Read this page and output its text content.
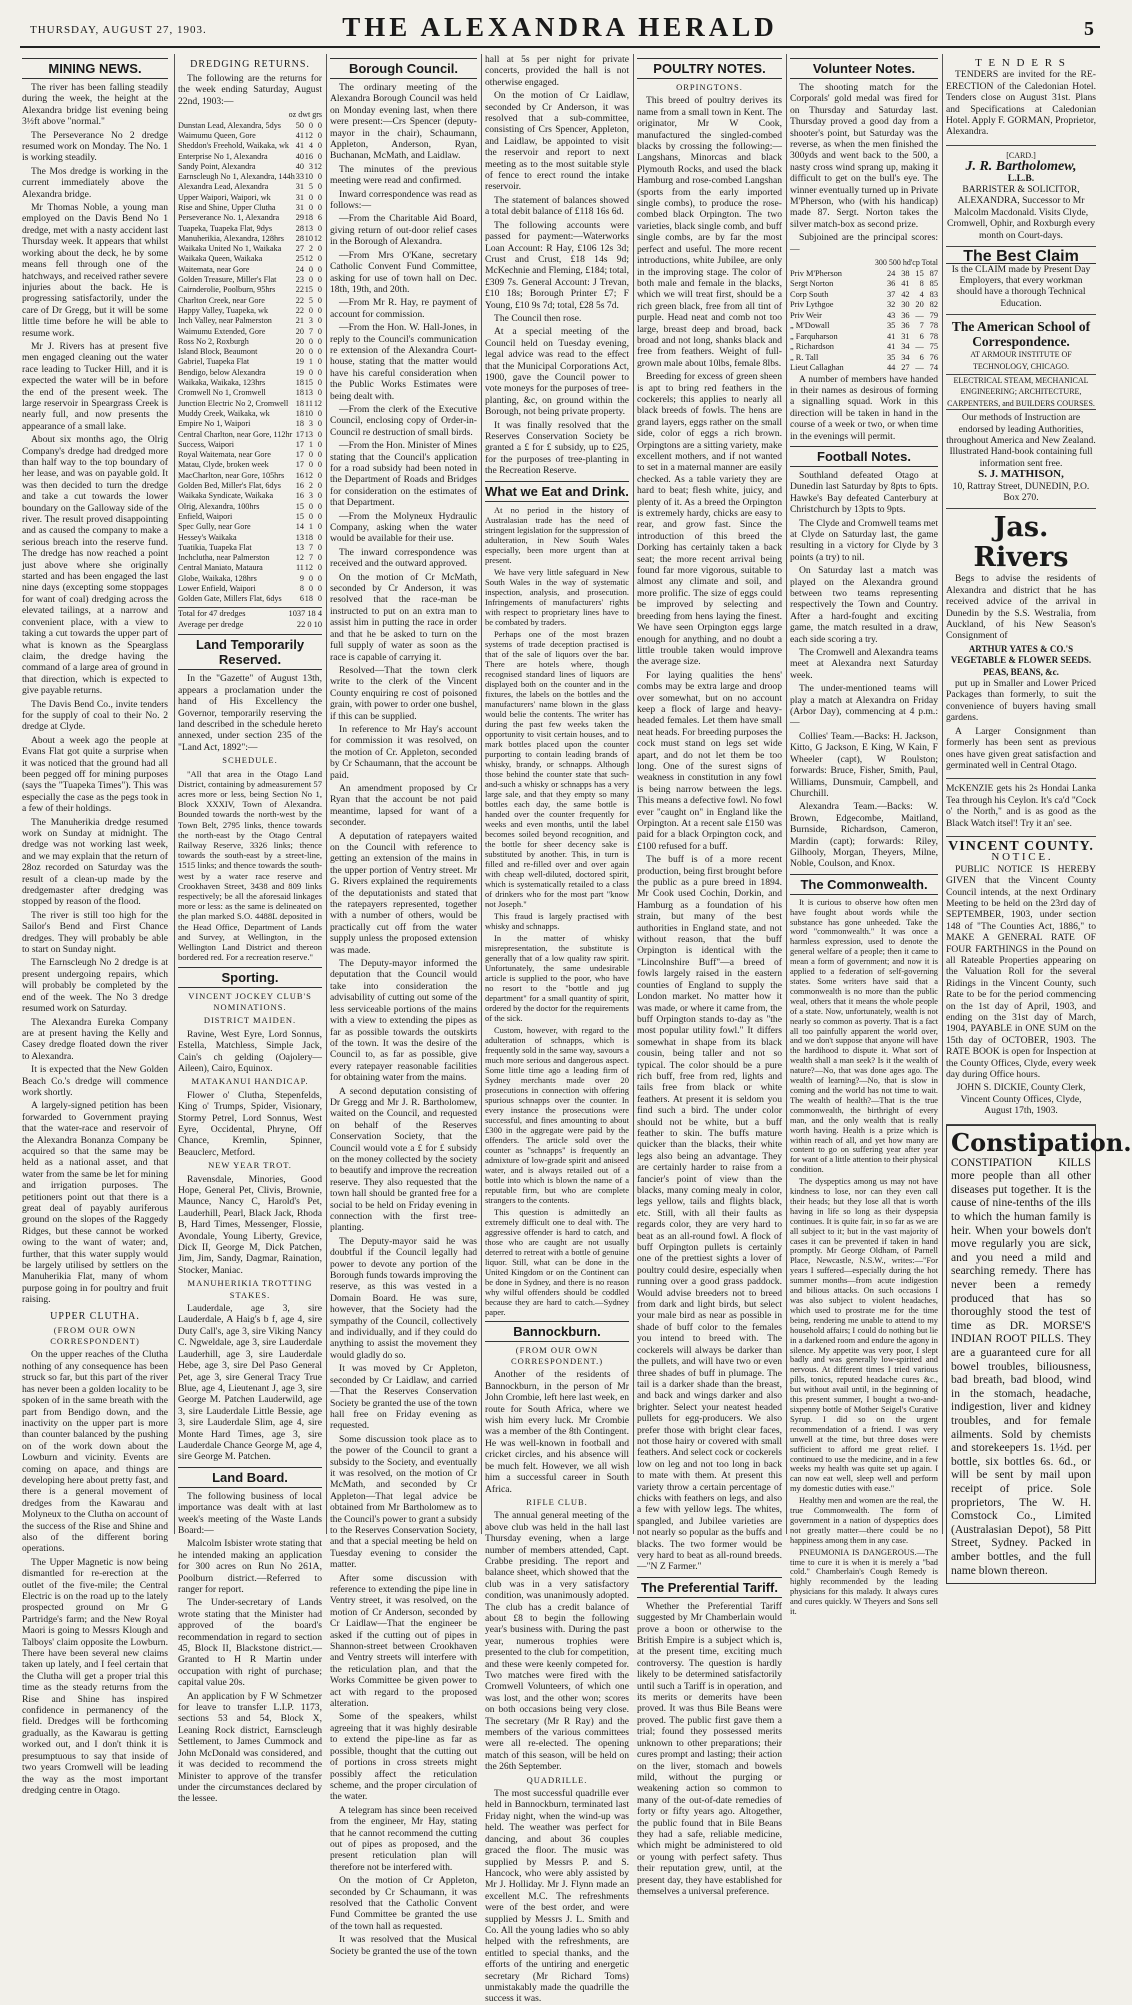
THURSDAY, AUGUST 27, 1903.	THE ALEXANDRA HERALD	5
MINING NEWS.

The river has been falling steadily during the week, the height at the Alexandra bridge list evening being 3½ft above "normal."

The Perseverance No 2 dredge resumed work on Monday. The No. 1 is working steadily.

The Mos dredge is working in the current immediately above the Alexandra bridge.

Mr Thomas Noble, a young man employed on the Davis Bend No 1 dredge, met with a nasty accident last Thursday week. It appears that whilst working about the deck, he by some means fell through one of the hatchways, and received rather severe injuries about the back. He is progressing satisfactorily, under the care of Dr Gregg, but it will be some little time before he will be able to resume work.

Mr J. Rivers has at present five men engaged cleaning out the water race leading to Tucker Hill, and it is expected the water will be in before the end of the present week. The large reservoir in Speargrass Creek is nearly full, and now presents the appearance of a small lake.

About six months ago, the Olrig Company's dredge had dredged more than half way to the top boundary of her lease, and was on payable gold. It was then decided to turn the dredge and take a cut towards the lower boundary on the Galloway side of the river. The result proved disappointing and as caused the company to make a serious breach into the reserve fund. The dredge has now reached a point just above where she originally started and has been engaged the last nine days (excepting some stoppages for want of coal) dredging across the elevated tailings, at a narrow and convenient place, with a view to taking a cut towards the upper part of what is known as the Spearglass claim, the dredge having the command of a large area of ground in that direction, which is expected to give payable returns.

The Davis Bend Co., invite tenders for the supply of coal to their No. 2 dredge at Clyde.

About a week ago the people at Evans Flat got quite a surprise when it was noticed that the ground had all been pegged off for mining purposes (says the "Tuapeka Times"). This was especially the case as the pegs took in a few of their holdings.

The Manuherikia dredge resumed work on Sunday at midnight. The dredge was not working last week, and we may explain that the return of 28oz recorded on Saturday was the result of a clean-up made by the dredgemaster after dredging was stopped by reason of the flood.

The river is still too high for the Sailor's Bend and First Chance dredges. They will probably be able to start on Sunday night.

The Earnscleugh No 2 dredge is at present undergoing repairs, which will probably be completed by the end of the week. The No 3 dredge resumed work on Saturday.

The Alexandra Eureka Company are at present having the Kelly and Casey dredge floated down the river to Alexandra.

It is expected that the New Golden Beach Co.'s dredge will commence work shortly.

A largely-signed petition has been forwarded to Government praying that the water-race and reservoir of the Alexandra Bonanza Company be acquired so that the same may be held as a national asset, and that water from the same be let for mining and irrigation purposes. The petitioners point out that there is a great deal of payably auriferous ground on the slopes of the Raggedy Ridges, but these cannot be worked owing to the want of water; and, further, that this water supply would be largely utilised by settlers on the Manuherikia Flat, many of whom purpose going in for poultry and fruit raising.

UPPER CLUTHA.
(FROM OUR OWN CORRESPONDENT)

On the upper reaches of the Clutha nothing of any consequence has been struck so far, but this part of the river has never been a golden locality to be spoken of in the same breath with the part from Bendigo down, and the inactivity on the upper part is more than counter balanced by the pushing on of the work down about the Lowburn and vicinity. Events are coming on apace, and things are developing here about pretty fast, and there is a general movement of dredges from the Kawarau and Molyneux to the Clutha on account of the success of the Rise and Shine and also of the different boring operations.

The Upper Magnetic is now being dismantled for re-erection at the outlet of the five-mile; the Central Electric is on the road up to the lately prospected ground on Mr G Partridge's farm; and the New Royal Maori is going to Messrs Klough and Talboys' claim opposite the Lowburn. There have been several new claims taken up lately, and I feel certain that the Clutha will get a proper trial this time as the steady returns from the Rise and Shine has inspired confidence in permanency of the field. Dredges will be forthcoming gradually, as the Kawarau is getting worked out, and I don't think it is presumptuous to say that inside of two years Cromwell will be leading the way as the most important dredging centre in Otago.

DREDGING RETURNS.

The following are the returns for the week ending Saturday, August 22nd, 1903:—

oz dwt grs
Dunstan Lead, Alexandra, 5dys	50	0	0
Waimumu Queen, Gore	41	12	0
Sheddon's Freehold, Waikaka, wk	41	4	0
Enterprise No 1, Alexandra	40	16	0
Sandy Point, Alexandra	40	3	12
Earnscleugh No 1, Alexandra, 144h	33	10	0
Alexandra Lead, Alexandra	31	5	0
Upper Waipori, Waipori, wk	31	0	0
Rise and Shine, Upper Clutha	31	0	0
Perseverance No. 1, Alexandra	29	18	6
Tuapeka, Tuapeka Flat, 9dys	28	13	0
Manuherikia, Alexandra, 128hrs	28	10	12
Waikaka United No 1, Waikaka	27	2	0
Waikaka Queen, Waikaka	25	12	0
Waitemata, near Gore	24	0	0
Golden Treasure, Miller's Flat	23	0	0
Cairnderolie, Poolburn, 95hrs	22	15	0
Charlton Creek, near Gore	22	5	0
Happy Valley, Tuapeka, wk	22	0	0
Inch Valley, near Palmerston	21	3	0
Waimumu Extended, Gore	20	7	0
Ross No 2, Roxburgh	20	0	0
Island Block, Beaumont	20	0	0
Gabriel, Tuapeka Flat	19	1	0
Bendigo, below Alexandra	19	0	0
Waikaka, Waikaka, 123hrs	18	15	0
Cromwell No 1, Cromwell	18	13	0
Junction Electric No 2, Cromwell	18	11	12
Muddy Creek, Waikaka, wk	18	10	0
Empire No 1, Waipori	18	3	0
Central Charlton, near Gore, 112hr	17	13	0
Success, Waipori	17	1	0
Royal Waitemata, near Gore	17	0	0
Matau, Clyde, broken week	17	0	0
MacCharlton, near Gore, 105hrs	16	12	0
Golden Bed, Miller's Flat, 6dys	16	2	0
Waikaka Syndicate, Waikaka	16	3	0
Olrig, Alexandra, 100hrs	15	0	0
Enfield, Waipori	15	0	0
Spec Gully, near Gore	14	1	0
Hessey's Waikaka	13	18	0
Tuatikia, Tuapeka Flat	13	7	0
Inchclutha, near Palmerston	12	7	0
Central Maniato, Mataura	11	12	0
Globe, Waikaka, 128hrs	9	0	0
Lower Enfield, Waipori	8	0	0
Golden Gate, Millers Flat, 6dys	6	18	0
Total for 47 dredges	1037 18 4
Average per dredge	22 0 10
Land Temporarily Reserved.

In the "Gazette" of August 13th, appears a proclamation under the hand of His Excellency the Governor, temporarily reserving the land described in the schedule hereto annexed, under section 235 of the "Land Act, 1892":—

SCHEDULE.

"All that area in the Otago Land District, containing by admeasurement 57 acres more or less, being Section No 1, Block XXXIV, Town of Alexandra. Bounded towards the north-west by the Town Belt, 2795 links, thence towards the north-east by the Otago Central Railway Reserve, 3326 links; thence towards the south-east by a street-line, 1515 links; and thence towards the south-west by a water race reserve and Crookhaven Street, 3438 and 809 links respectively; be all the aforesaid linkages more or less: as the same is delineated on the plan marked S.O. 4488L deposited in the Head Office, Department of Lands and Survey, at Wellington, in the Wellington Land District and thereon bordered red. For a recreation reserve."

Sporting.
VINCENT JOCKEY CLUB'S NOMINATIONS.
DISTRICT MAIDEN.

Ravine, West Eyre, Lord Sonnus, Estella, Matchless, Simple Jack, Cain's ch gelding (Oajolery—Aileen), Cairo, Equinox.

MATAKANUI HANDICAP.

Flower o' Clutha, Stepenfelds, King o' Trumps, Spider, Visionary, Stormy Petrel, Lord Sonnus, West Eyre, Occidental, Phryne, Off Chance, Kremlin, Spinner, Beauclerc, Metford.

NEW YEAR TROT.

Ravensdale, Minories, Good Hope, General Pet, Clivis, Brownie, Maunce, Nancy C, Harold's Pet, Lauderhill, Pearl, Black Jack, Rhoda B, Hard Times, Messenger, Flossie, Avondale, Young Liberty, Grevice, Dick II, George M, Dick Patchen, Jim, Jim, Sandy, Dagmar, Raination, Stocker, Maniac.

MANUHERIKIA TROTTING STAKES.

Lauderdale, age 3, sire Lauderdale, A Haig's b f, age 4, sire Duty Call's, age 3, sire Viking Nancy C. Ngweldale, age 3, sire Lauderdale Lauderhill, age 3, sire Lauderdale Hebe, age 3, sire Del Paso General Pet, age 3, sire General Tracy True Blue, age 4, Lieutenant J, age 3, sire George M. Patchen Lauderwild, age 3, sire Lauderdale Little Bessie, age 3, sire Lauderdale Slim, age 4, sire Monte Hard Times, age 3, sire Lauderdale Chance George M, age 4, sire George M. Patchen.

Land Board.

The following business of local importance was dealt with at last week's meeting of the Waste Lands Board:—

Malcolm Isbister wrote stating that he intended making an application for 300 acres on Run No 261A, Poolburn district.—Referred to ranger for report.

The Under-secretary of Lands wrote stating that the Minister had approved of the board's recommendation in regard to section 45, Block II, Blackstone district.—Granted to H R Martin under occupation with right of purchase; capital value 20s.

An application by F W Schmetzer for leave to transfer L.I.P. 1173, sections 53 and 54, Block X, Leaning Rock district, Earnscleugh Settlement, to James Cummock and John McDonald was considered, and it was decided to recommend the Minister to approve of the transfer under the circumstances declared by the lessee.

Borough Council.

The ordinary meeting of the Alexandra Borough Council was held on Monday evening last, when there were present:—Crs Spencer (deputy-mayor in the chair), Schaumann, Appleton, Anderson, Ryan, Buchanan, McMath, and Laidlaw.

The minutes of the previous meeting were read and confirmed.

Inward correspondence was read as follows:—

—From the Charitable Aid Board, giving return of out-door relief cases in the Borough of Alexandra.

—From Mrs O'Kane, secretary Catholic Convent Fund Committee, asking for use of town hall on Dec. 18th, 19th, and 20th.

—From Mr R. Hay, re payment of account for commission.

—From the Hon. W. Hall-Jones, in reply to the Council's communication re extension of the Alexandra Court-house, stating that the matter would have his careful consideration when the Public Works Estimates were being dealt with.

—From the clerk of the Executive Council, enclosing copy of Order-in-Council re destruction of small birds.

—From the Hon. Minister of Mines stating that the Council's application for a road subsidy had been noted in the Department of Roads and Bridges for consideration on the estimates of that Department.

—From the Molyneux Hydraulic Company, asking when the water would be available for their use.

The inward correspondence was received and the outward approved.

On the motion of Cr McMath, seconded by Cr Anderson, it was resolved that the race-man be instructed to put on an extra man to assist him in putting the race in order and that he be asked to turn on the full supply of water as soon as the race is capable of carrying it.

Resolved—That the town clerk write to the clerk of the Vincent County enquiring re cost of poisoned grain, with power to order one bushel, if this can be supplied.

In reference to Mr Hay's account for commission it was resolved, on the motion of Cr. Appleton, seconded by Cr Schaumann, that the account be paid.

An amendment proposed by Cr Ryan that the account be not paid meantime, lapsed for want of a seconder.

A deputation of ratepayers waited on the Council with reference to getting an extension of the mains in the upper portion of Ventry street. Mr G. Rivers explained the requirements of the deputationists and stated that the ratepayers represented, together with a number of others, would be practically cut off from the water supply unless the proposed extension was made.

The Deputy-mayor informed the deputation that the Council would take into consideration the advisability of cutting out some of the less serviceable portions of the mains with a view to extending the pipes as far as possible towards the outskirts of the town. It was the desire of the Council to, as far as possible, give every ratepayer reasonable facilities for obtaining water from the mains.

A second deputation consisting of Dr Gregg and Mr J. R. Bartholomew, waited on the Council, and requested on behalf of the Reserves Conservation Society, that the Council would vote a £ for £ subsidy on the money collected by the society to beautify and improve the recreation reserve. They also requested that the town hall should be granted free for a social to be held on Friday evening in connection with the first tree-planting.

The Deputy-mayor said he was doubtful if the Council legally had power to devote any portion of the Borough funds towards improving the reserve, as this was vested in a Domain Board. He was sure, however, that the Society had the sympathy of the Council, collectively and individually, and if they could do anything to assist the movement they would gladly do so.

It was moved by Cr Appleton, seconded by Cr Laidlaw, and carried—That the Reserves Conservation Society be granted the use of the town hall free on Friday evening as requested.

Some discussion took place as to the power of the Council to grant a subsidy to the Society, and eventually it was resolved, on the motion of Cr McMath, and seconded by Cr Appleton—That legal advice be obtained from Mr Bartholomew as to the Council's power to grant a subsidy to the Reserves Conservation Society, and that a special meeting be held on Tuesday evening to consider the matter.

After some discussion with reference to extending the pipe line in Ventry street, it was resolved, on the motion of Cr Anderson, seconded by Cr Laidlaw—That the engineer be asked if the cutting out of pipes in Shannon-street between Crookhaven and Ventry streets will interfere with the reticulation plan, and that the Works Committee be given power to act with regard to the proposed alteration.

Some of the speakers, whilst agreeing that it was highly desirable to extend the pipe-line as far as possible, thought that the cutting out of portions in cross streets might possibly affect the reticulation scheme, and the proper circulation of the water.

A telegram has since been received from the engineer, Mr Hay, stating that he cannot recommend the cutting out of pipes as proposed, and the present reticulation plan will therefore not be interfered with.

On the motion of Cr Appleton, seconded by Cr Schaumann, it was resolved that the Catholic Convent Fund Committee be granted the use of the town hall as requested.

It was resolved that the Musical Society be granted the use of the town

hall at 5s per night for private concerts, provided the hall is not otherwise engaged.

On the motion of Cr Laidlaw, seconded by Cr Anderson, it was resolved that a sub-committee, consisting of Crs Spencer, Appleton, and Laidlaw, be appointed to visit the reservoir and report to next meeting as to the most suitable style of fence to erect round the intake reservoir.

The statement of balances showed a total debit balance of £118 16s 6d.

The following accounts were passed for payment:—Waterworks Loan Account: R Hay, £106 12s 3d; Crust and Crust, £18 14s 9d; McKechnie and Fleming, £184; total, £309 7s. General Account: J Trevan, £10 18s; Borough Printer £7; F Young, £10 9s 7d; total, £28 5s 7d.

The Council then rose.

At a special meeting of the Council held on Tuesday evening, legal advice was read to the effect that the Municipal Corporations Act, 1900, gave the Council power to vote moneys for the purposes of tree-planting, &c, on ground within the Borough, not being private property.

It was finally resolved that the Reserves Conservation Society be granted a £ for £ subsidy, up to £25, for the purposes of tree-planting in the Recreation Reserve.

What we Eat and Drink.

At no period in the history of Australasian trade has the need of stringent legislation for the suppression of adulteration, in New South Wales especially, been more urgent than at present.

We have very little safeguard in New South Wales in the way of systematic inspection, analysis, and prosecution. Infringements of manufacturers' rights with respect to proprietary lines have to be combated by traders.

Perhaps one of the most brazen systems of trade deception practised is that of the sale of liquors over the bar. There are hotels where, though recognised standard lines of liquors are displayed both on the counter and in the fixtures, the labels on the bottles and the manufacturers' name blown in the glass would belie the contents. The writer has during the past few weeks taken the opportunity to visit certain houses, and to mark bottles placed upon the counter purporting to contain leading brands of whisky, brandy, or schnapps. Although those behind the counter state that such-and-such a whisky or schnapps has a very large sale, and that they empty so many bottles each day, the same bottle is handed over the counter frequently for weeks and even months, until the label becomes soiled beyond recognition, and the bottle for sheer decency sake is substituted by another. This, in turn is filled and re-filled over and over again with cheap well-diluted, doctored spirit, which is systematically retailed to a class of drinkers who for the most part "know not Joseph."

This fraud is largely practised with whisky and schnapps.

In the matter of whisky misrepresentation, the substitute is generally that of a low quality raw spirit. Unfortunately, the same undesirable article is supplied to the poor, who have no resort to the "bottle and jug department" for a small quantity of spirit, ordered by the doctor for the requirements of the sick.

Custom, however, with regard to the adulteration of schnapps, which is frequently sold in the same way, savours a much more serious and dangerous aspect. Some little time ago a leading firm of Sydney merchants made over 20 prosecutions in connection with offering spurious schnapps over the counter. In every instance the prosecutions were successful, and fines amounting to about £300 in the aggregate were paid by the offenders. The article sold over the counter as "schnapps" is frequently an admixture of low-grade spirit and aniseed water, and is always retailed out of a bottle into which is blown the name of a reputable firm, but who are complete strangers to the contents.

This question is admittedly an extremely difficult one to deal with. The aggressive offender is hard to catch, and those who are caught are not usually deterred to retreat with a bottle of genuine liquor. Still, what can be done in the United Kingdom or on the Continent can be done in Sydney, and there is no reason why wilful offenders should be coddled because they are hard to catch.—Sydney paper.

Bannockburn.
(FROM OUR OWN CORRESPONDENT.)

Another of the residents of Bannockburn, in the person of Mr John Crombie, left here last week, en route for South Africa, where we wish him every luck. Mr Crombie was a member of the 8th Contingent. He was well-known in football and cricket circles, and his absence will be much felt. However, we all wish him a successful career in South Africa.

RIFLE CLUB.

The annual general meeting of the above club was held in the hall last Thursday evening, when a large number of members attended, Capt. Crabbe presiding. The report and balance sheet, which showed that the club was in a very satisfactory condition, was unanimously adopted. The club has a credit balance of about £8 to begin the following year's business with. During the past year, numerous trophies were presented to the club for competition, and these were keenly competed for. Two matches were fired with the Cromwell Volunteers, of which one was lost, and the other won; scores on both occasions being very close. The secretary (Mr R Ray) and the members of the various committees were all re-elected. The opening match of this season, will be held on the 26th September.

QUADRILLE.

The most successful quadrille ever held in Bannockburn, terminated last Friday night, when the wind-up was held. The weather was perfect for dancing, and about 36 couples graced the floor. The music was supplied by Messrs P. and S. Hancock, who were ably assisted by Mr J. Holliday. Mr J. Flynn made an excellent M.C. The refreshments were of the best order, and were supplied by Messrs J. L. Smith and Co. All the young ladies who so ably helped with the refreshments, are entitled to special thanks, and the efforts of the untiring and energetic secretary (Mr Richard Toms) unmistakably made the quadrille the success it was.

POULTRY NOTES.
ORPINGTONS.

This breed of poultry derives its name from a small town in Kent. The originator, Mr W Cook, manufactured the singled-combed blacks by crossing the following:—Langshans, Minorcas and black Plymouth Rocks, and used the black Hamburg and rose-combed Langshan (sports from the early imported single combs), to produce the rose-combed black Orpington. The two varieties, black single comb, and buff single combs, are by far the most perfect and useful. The more recent introductions, white Jubilee, are only in the improving stage. The color of both male and female in the blacks, which we will treat first, should be a rich green black, free from all tint of purple. Head neat and comb not too large, breast deep and broad, back broad and not long, shanks black and free from feathers. Weight of full-grown male about 10lbs, female 8lbs.

Breeding for excess of green sheen is apt to bring red feathers in the cockerels; this applies to nearly all black breeds of fowls. The hens are grand layers, eggs rather on the small side, color of eggs a rich brown. Orpingtons are a sitting variety, make excellent mothers, and if not wanted to set in a maternal manner are easily checked. As a table variety they are hard to beat; flesh white, juicy, and plenty of it. As a breed the Orpington is extremely hardy, chicks are easy to rear, and grow fast. Since the introduction of this breed the Dorking has certainly taken a back seat; the more recent arrival being found far more vigorous, suitable to almost any climate and soil, and more prolific. The size of eggs could be improved by selecting and breeding from hens laying the finest. We have seen Orpington eggs large enough for anything, and no doubt a little trouble taken would improve the average size.

For laying qualities the hens' combs may be extra large and droop over somewhat, but on no account keep a flock of large and heavy-headed females. Let them have small neat heads. For breeding purposes the cock must stand on legs set wide apart, and do not let them be too long. One of the surest signs of weakness in constitution in any fowl is being narrow between the legs. This means a defective fowl. No fowl ever "caught on" in England like the Orpington. At a recent sale £150 was paid for a black Orpington cock, and £100 refused for a buff.

The buff is of a more recent production, being first brought before the public as a pure breed in 1894. Mr Cook used Cochin, Dorkin, and Hamburg as a foundation of his strain, but many of the best authorities in England state, and not without reason, that the buff Orpington is identical with the "Lincolnshire Buff"—a breed of fowls largely raised in the eastern counties of England to supply the London market. No matter how it was made, or where it came from, the buff Orpington stands to-day as "the most popular utility fowl." It differs somewhat in shape from its black cousin, being taller and not so typical. The color should be a pure rich buff, free from red, lights and tails free from black or white feathers. At present it is seldom you find such a bird. The under color should not be white, but a buff feather to skin. The buffs mature quicker than the blacks, their white legs also being an advantage. They are certainly harder to raise from a fancier's point of view than the blacks, many coming mealy in color, legs yellow, tails and flights black, etc. Still, with all their faults as regards color, they are very hard to beat as an all-round fowl. A flock of buff Orpington pullets is certainly one of the prettiest sights a lover of poultry could desire, especially when running over a good grass paddock. Would advise breeders not to breed from dark and light birds, but select your male bird as near as possible in shade of buff color to the females you intend to breed with. The cockerels will always be darker than the pullets, and will have two or even three shades of buff in plumage. The tail is a darker shade than the breast, and back and wings darker and also brighter. Select your neatest headed pullets for egg-producers. We also prefer those with bright clear faces, not those hairy or covered with small feathers. And select cock or cockerels low on leg and not too long in back to mate with them. At present this variety throw a certain percentage of chicks with feathers on legs, and also a few with yellow legs. The whites, spangled, and Jubilee varieties are not nearly so popular as the buffs and blacks. The two former would be very hard to beat as all-round breeds.—"N Z Farmer."

The Preferential Tariff.

Whether the Preferential Tariff suggested by Mr Chamberlain would prove a boon or otherwise to the British Empire is a subject which is, at the present time, exciting much controversy. The question is hardly likely to be determined satisfactorily until such a Tariff is in operation, and its merits or demerits have been proved. It was thus Bile Beans were proved. The public first gave them a trial; found they possessed merits unknown to other preparations; their cures prompt and lasting; their action on the liver, stomach and bowels mild, without the purging or weakening action so common to many of the out-of-date remedies of forty or fifty years ago. Altogether, the public found that in Bile Beans they had a safe, reliable medicine, which might be administered to old or young with perfect safety. Thus their reputation grew, until, at the present day, they have established for themselves a universal preference.

Volunteer Notes.

The shooting match for the Corporals' gold medal was fired for on Thursday and Saturday last. Thursday proved a good day from a shooter's point, but Saturday was the reverse, as when the men finished the 300yds and went back to the 500, a nasty cross wind sprang up, making it difficult to get on the bull's eye. The winner eventually turned up in Private M'Pherson, who (with his handicap) made 87. Sergt. Norton takes the silver match-box as second prize.

Subjoined are the principal scores:—

300 500 hd'cp Total
Priv M'Pherson	24	38	15	87
Sergt Norton	36	41	8	85
Corp South	37	42	4	83
Priv Lythgoe	32	30	20	82
Priv Weir	43	36	—	79
„ M'Dowall	35	36	7	78
„ Farquharson	41	31	6	78
„ Richardson	41	34	—	75
„ R. Tall	35	34	6	76
Lieut Callaghan	44	27	—	74

A number of members have handed in their names as desirous of forming a signalling squad. Work in this direction will be taken in hand in the course of a week or two, or when time in the evenings will permit.

Football Notes.

Southland defeated Otago at Dunedin last Saturday by 8pts to 6pts. Hawke's Bay defeated Canterbury at Christchurch by 13pts to 9pts.

The Clyde and Cromwell teams met at Clyde on Saturday last, the game resulting in a victory for Clyde by 3 points (a try) to nil.

On Saturday last a match was played on the Alexandra ground between two teams representing respectively the Town and Country. After a hard-fought and exciting game, the match resulted in a draw, each side scoring a try.

The Cromwell and Alexandra teams meet at Alexandra next Saturday week.

The under-mentioned teams will play a match at Alexandra on Friday (Arbor Day), commencing at 4 p.m.:—

Collies' Team.—Backs: H. Jackson, Kitto, G Jackson, E King, W Kain, F Wheeler (capt), W Roulston; forwards: Bruce, Fisher, Smith, Paul, Williams, Dunsmuir, Campbell, and Churchill.

Alexandra Team.—Backs: W. Brown, Edgecombe, Maitland, Burnside, Richardson, Cameron, Mardin (capt); forwards: Riley, Gilhooly, Morgan, Theyers, Milne, Noble, Coulson, and Knox.

The Commonwealth.

It is curious to observe how often men have fought about words while the substance has gone unheeded. Take the word "commonwealth." It was once a harmless expression, used to denote the general welfare of a people; then it came to mean a form of government; and now it is applied to a federation of self-governing states. Some writers have said that a commonwealth is no more than the public weal, others that it means the whole people of a state. Now, unfortunately, wealth is not nearly so common as poverty. That is a fact all too painfully apparent the world over, and we don't suppose that anyone will have the hardihood to dispute it. What sort of wealth shall a man seek? Is it the wealth of nature?—No, that was done ages ago. The wealth of learning?—No, that is slow in coming and the world has not time to wait. The wealth of health?—That is the true commonwealth, the birthright of every man, and the only wealth that is really worth having. Health is a prize which is within reach of all, and yet how many are content to go on suffering year after year for want of a little attention to their physical condition.

The dyspeptics among us may not have kindness to lose, nor can they even call their heads; but they lose all that is worth having in life so long as their dyspepsia continues. It is quite fair, in so far as we are all subject to it; but in the vast majority of cases it can be prevented if taken in hand promptly. Mr George Oldham, of Parnell Place, Newcastle, N.S.W., writes:—"For years I suffered—especially during the hot summer months—from acute indigestion and bilious attacks. On such occasions I was also subject to violent headaches, which used to prostrate me for the time being, rendering me unable to attend to my household affairs; I could do nothing but lie in a darkened room and endure the agony in silence. My appetite was very poor, I slept badly and was generally low-spirited and nervous. At different times I tried various pills, tonics, reputed headache cures &c., but without avail until, in the beginning of this present summer, I bought a two-and-sixpenny bottle of Mother Seigel's Curative Syrup. I did so on the urgent recommendation of a friend. I was very unwell at the time, but three doses were sufficient to afford me great relief. I continued to use the medicine, and in a few weeks my health was quite set up again. I can now eat well, sleep well and perform my domestic duties with ease."

Healthy men and women are the real, the true Commonwealth. The form of government in a nation of dyspeptics does not greatly matter—there could be no happiness among them in any case.

PNEUMONIA IS DANGEROUS.—The time to cure it is when it is merely a "bad cold." Chamberlain's Cough Remedy is highly recommended by the leading physicians for this malady. It always cures and cures quickly. W Theyers and Sons sell it.

T E N D E R S

TENDERS are invited for the RE-ERECTION of the Caledonian Hotel. Tenders close on August 31st. Plans and Specifications at Caledonian Hotel. Apply F. GORMAN, Proprietor, Alexandra.

[CARD.]
J. R. Bartholomew,
L.L.B.
BARRISTER & SOLICITOR, ALEXANDRA, Successor to Mr Malcolm Macdonald. Visits Clyde, Cromwell, Ophir, and Roxburgh every month on Court-days.
The Best Claim
Is the CLAIM made by Present Day Employers, that every workman should have a thorough Technical Education.
The American School of Correspondence.
AT ARMOUR INSTITUTE OF TECHNOLOGY, CHICAGO.
ELECTRICAL STEAM, MECHANICAL ENGINEERING; ARCHITECTURE, CARPENTERS, and BUILDERS COURSES.
Our methods of Instruction are endorsed by leading Authorities, throughout America and New Zealand.
Illustrated Hand-book containing full information sent free.
S. J. MATHISON,
10, Rattray Street, DUNEDIN, P.O. Box 270.
Jas. Rivers

Begs to advise the residents of Alexandra and district that he has received advice of the arrival in Dunedin by the S.S. Westralia, from Auckland, of his New Season's Consignment of

ARTHUR YATES & CO.'S VEGETABLE & FLOWER SEEDS. PEAS, BEANS, &c.

put up in Smaller and Lower Priced Packages than formerly, to suit the convenience of buyers having small gardens.

A Larger Consignment than formerly has been sent as previous ones have given great satisfaction and germinated well in Central Otago.

McKENZIE gets his 2s Hondai Lanka Tea through his Ceylon. It's ca'd "Cock o' the North," and is as good as the Black Watch itsel'! Try it an' see.

VINCENT COUNTY.
N O T I C E .

PUBLIC NOTICE IS HEREBY GIVEN that the Vincent County Council intends, at the next Ordinary Meeting to be held on the 23rd day of SEPTEMBER, 1903, under section 148 of "The Counties Act, 1886," to MAKE A GENERAL RATE OF FOUR FARTHINGS in the Pound on all Rateable Properties appearing on the Valuation Roll for the several Ridings in the Vincent County, such Rate to be for the period commencing on the 1st day of April, 1903, and ending on the 31st day of March, 1904, PAYABLE in ONE SUM on the 15th day of OCTOBER, 1903. The RATE BOOK is open for Inspection at the County Offices, Clyde, every week day during Office hours.

JOHN S. DICKIE, County Clerk, Vincent County Offices, Clyde, August 17th, 1903.

Constipation.

CONSTIPATION KILLS more people than all other diseases put together. It is the cause of nine-tenths of the ills to which the human family is heir. When your bowels don't move regularly you are sick, and you need a mild and searching remedy. There has never been a remedy produced that has so thoroughly stood the test of time as DR. MORSE'S INDIAN ROOT PILLS. They are a guaranteed cure for all bowel troubles, biliousness, bad breath, bad blood, wind in the stomach, headache, indigestion, liver and kidney troubles, and for female ailments. Sold by chemists and storekeepers 1s. 1½d. per bottle, six bottles 6s. 6d., or will be sent by mail upon receipt of price. Sole proprietors, The W. H. Comstock Co., Limited (Australasian Depot), 58 Pitt Street, Sydney. Packed in amber bottles, and the full name blown thereon.
